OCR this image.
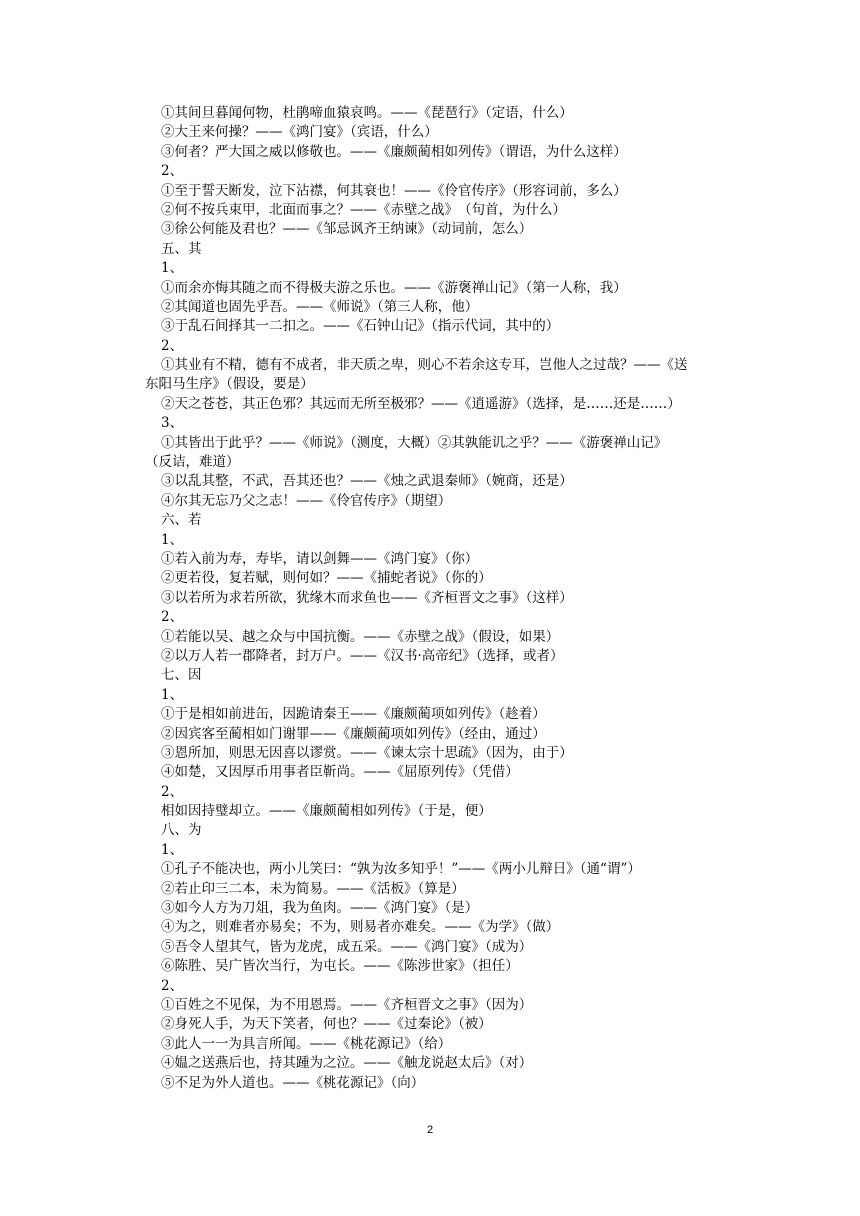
①其间旦暮闻何物，杜鹃啼血猿哀鸣。——《琵琶行》（定语，什么）
②大王来何操？——《鸿门宴》（宾语，什么）
③何者？严大国之威以修敬也。——《廉颇蔺相如列传》（谓语，为什么这样）
2、
①至于誓天断发，泣下沾襟，何其衰也！——《伶官传序》（形容词前，多么）
②何不按兵束甲，北面而事之？——《赤壁之战》　（句首，为什么）
③徐公何能及君也？——《邹忌讽齐王纳谏》（动词前，怎么）
五、其
1、
①而余亦悔其随之而不得极夫游之乐也。——《游褒禅山记》（第一人称，我）
②其闻道也固先乎吾。——《师说》（第三人称，他）
③于乱石间择其一二扣之。——《石钟山记》（指示代词，其中的）
2、
①其业有不精，德有不成者，非天质之卑，则心不若余这专耳，岂他人之过哉？——《送
东阳马生序》（假设，要是）
②天之苍苍，其正色邪？其远而无所至极邪？——《逍遥游》（选择，是……还是……）
3、
①其皆出于此乎？——《师说》（测度，大概）②其孰能讥之乎？——《游褒禅山记》
（反诘，难道）
③以乱其整，不武，吾其还也？——《烛之武退秦师》（婉商，还是）
④尔其无忘乃父之志！——《伶官传序》（期望）
六、若
1、
①若入前为寿，寿毕，请以剑舞——《鸿门宴》（你）
②更若役，复若赋，则何如？——《捕蛇者说》（你的）
③以若所为求若所欲，犹缘木而求鱼也——《齐桓晋文之事》（这样）
2、
①若能以吴、越之众与中国抗衡。——《赤壁之战》（假设，如果）
②以万人若一郡降者，封万户。——《汉书·高帝纪》（选择，或者）
七、因
1、
①于是相如前进缶，因跪请秦王——《廉颇蔺项如列传》（趁着）
②因宾客至蔺相如门谢罪——《廉颇蔺项如列传》（经由，通过）
③恩所加，则思无因喜以谬赏。——《谏太宗十思疏》（因为，由于）
④如楚，又因厚币用事者臣靳尚。——《屈原列传》（凭借）
2、
相如因持璧却立。——《廉颇蔺相如列传》（于是，便）
八、为
1、
①孔子不能决也，两小儿笑曰：“孰为汝多知乎！”——《两小儿辩日》（通“谓”）
②若止印三二本，未为简易。——《活板》（算是）
③如今人方为刀俎，我为鱼肉。——《鸿门宴》（是）
④为之，则难者亦易矣；不为，则易者亦难矣。——《为学》（做）
⑤吾令人望其气，皆为龙虎，成五采。——《鸿门宴》（成为）
⑥陈胜、吴广皆次当行，为屯长。——《陈涉世家》（担任）
2、
①百姓之不见保，为不用恩焉。——《齐桓晋文之事》（因为）
②身死人手，为天下笑者，何也？——《过秦论》（被）
③此人一一为具言所闻。——《桃花源记》（给）
④媪之送燕后也，持其踵为之泣。——《触龙说赵太后》（对）
⑤不足为外人道也。——《桃花源记》（向）
2
